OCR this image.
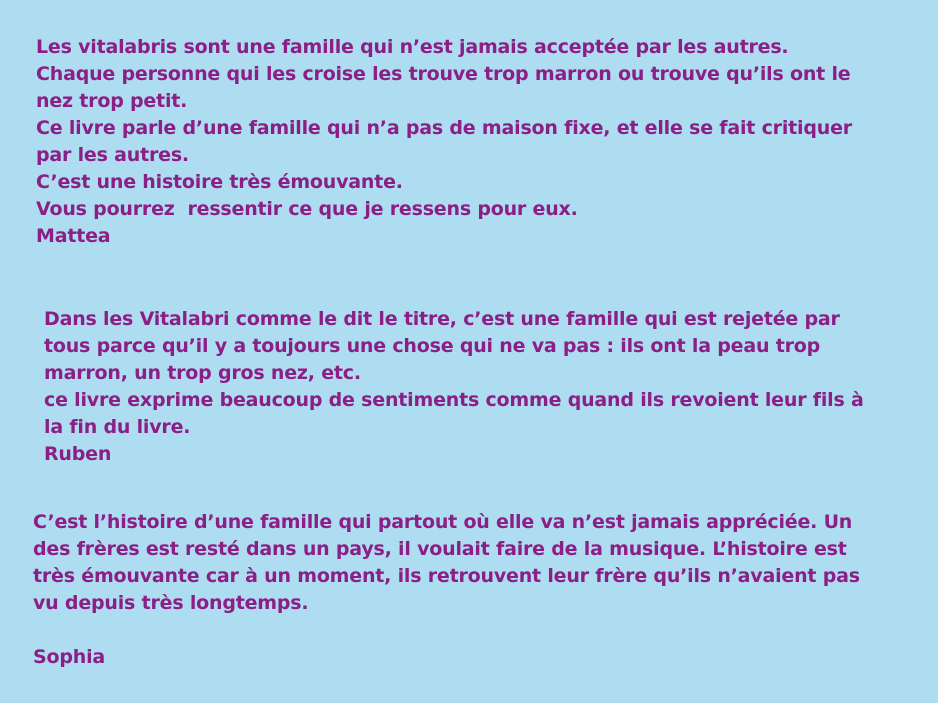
Les vitalabris sont une famille qui n’est jamais acceptée par les autres.

Chaque personne qui les croise les trouve trop marron ou trouve qu’ils ont le

nez trop petit.

Ce livre parle d’une famille qui n’a pas de maison fixe, et elle se fait critiquer

par les autres.

C’est une histoire très émouvante.

Vous pourrez  ressentir ce que je ressens pour eux.

Mattea

Dans les Vitalabri comme le dit le titre, c’est une famille qui est rejetée par

tous parce qu’il y a toujours une chose qui ne va pas : ils ont la peau trop

marron, un trop gros nez, etc.

ce livre exprime beaucoup de sentiments comme quand ils revoient leur fils à

la fin du livre.

Ruben

C’est l’histoire d’une famille qui partout où elle va n’est jamais appréciée. Un

des frères est resté dans un pays, il voulait faire de la musique. L’histoire est

très émouvante car à un moment, ils retrouvent leur frère qu’ils n’avaient pas

vu depuis très longtemps.

Sophia
